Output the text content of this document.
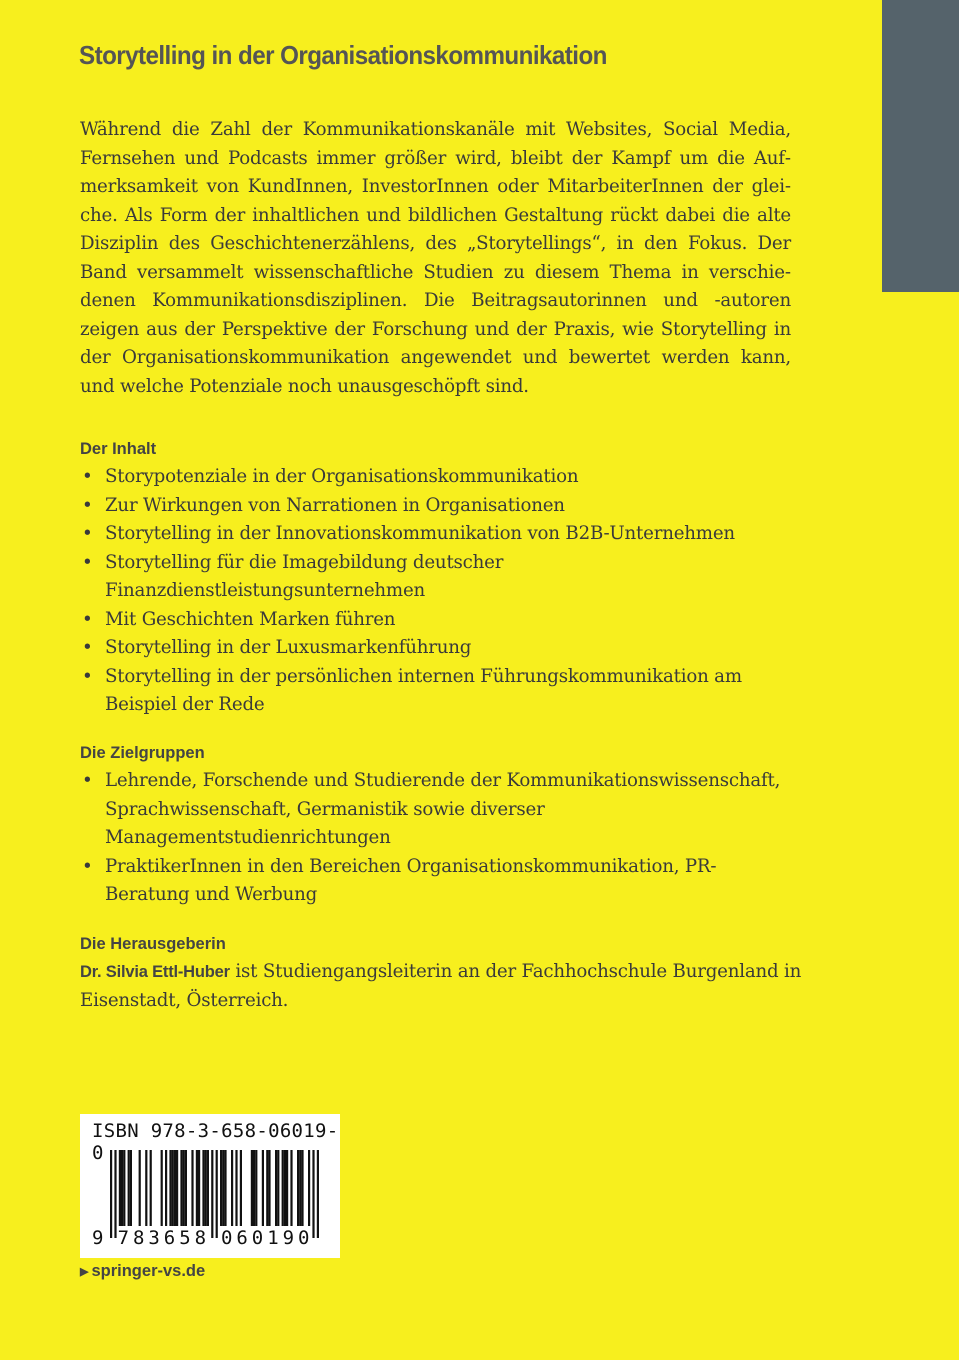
Storytelling in der Organisationskommunikation

Während die Zahl der Kommunikationskanäle mit Websites, Social Media, Fernsehen und Podcasts immer größer wird, bleibt der Kampf um die Aufmerksamkeit von KundInnen, InvestorInnen oder MitarbeiterInnen der gleiche. Als Form der inhaltlichen und bildlichen Gestaltung rückt dabei die alte Disziplin des Geschichtenerzählens, des „Storytellings“, in den Fokus. Der Band versammelt wissenschaftliche Studien zu diesem Thema in verschiedenen Kommunikationsdisziplinen. Die Beitragsautorinnen und -autoren zeigen aus der Perspektive der Forschung und der Praxis, wie Storytelling in der Organisationskommunikation angewendet und bewertet werden kann, und welche Potenziale noch unausgeschöpft sind.

Der Inhalt
• Storypotenziale in der Organisationskommunikation
• Zur Wirkungen von Narrationen in Organisationen
• Storytelling in der Innovationskommunikation von B2B-Unternehmen
• Storytelling für die Imagebildung deutscher Finanzdienstleistungsunternehmen
• Mit Geschichten Marken führen
• Storytelling in der Luxusmarkenführung
• Storytelling in der persönlichen internen Führungskommunikation am Beispiel der Rede
Die Zielgruppen
• Lehrende, Forschende und Studierende der Kommunikationswissenschaft, Sprachwissenschaft, Germanistik sowie diverser Managementstudienrichtungen
• PraktikerInnen in den Bereichen Organisationskommunikation, PR-Beratung und Werbung
Die Herausgeberin

Dr. Silvia Ettl-Huber ist Studiengangsleiterin an der Fachhochschule Burgenland in Eisenstadt, Österreich.

9 7 8 3 6 5 8 0 6 0 1 9 0
ISBN 978-3-658-06019-0
▶ springer-vs.de
